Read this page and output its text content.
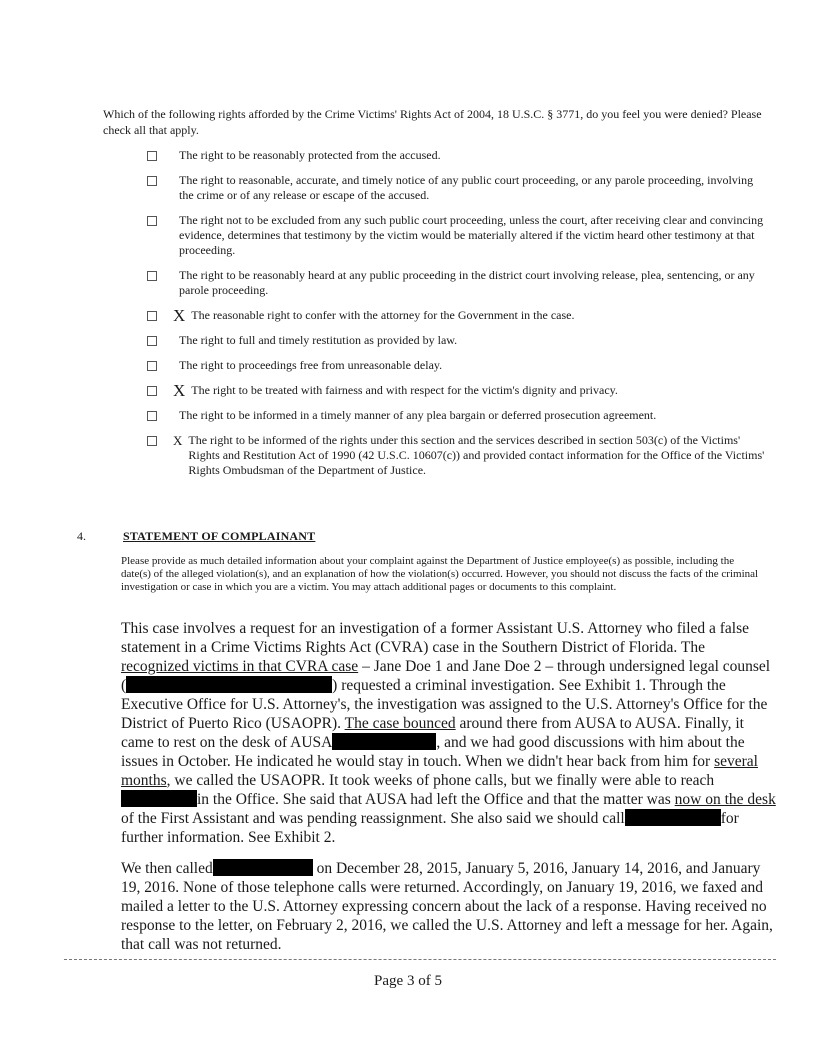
Which of the following rights afforded by the Crime Victims' Rights Act of 2004, 18 U.S.C. § 3771, do you feel you were denied? Please check all that apply.
The right to be reasonably protected from the accused.
The right to reasonable, accurate, and timely notice of any public court proceeding, or any parole proceeding, involving the crime or of any release or escape of the accused.
The right not to be excluded from any such public court proceeding, unless the court, after receiving clear and convincing evidence, determines that testimony by the victim would be materially altered if the victim heard other testimony at that proceeding.
The right to be reasonably heard at any public proceeding in the district court involving release, plea, sentencing, or any parole proceeding.
X The reasonable right to confer with the attorney for the Government in the case.
The right to full and timely restitution as provided by law.
The right to proceedings free from unreasonable delay.
X The right to be treated with fairness and with respect for the victim's dignity and privacy.
The right to be informed in a timely manner of any plea bargain or deferred prosecution agreement.
X The right to be informed of the rights under this section and the services described in section 503(c) of the Victims' Rights and Restitution Act of 1990 (42 U.S.C. 10607(c)) and provided contact information for the Office of the Victims' Rights Ombudsman of the Department of Justice.
4.	STATEMENT OF COMPLAINANT
Please provide as much detailed information about your complaint against the Department of Justice employee(s) as possible, including the date(s) of the alleged violation(s), and an explanation of how the violation(s) occurred. However, you should not discuss the facts of the criminal investigation or case in which you are a victim. You may attach additional pages or documents to this complaint.

This case involves a request for an investigation of a former Assistant U.S. Attorney who filed a false statement in a Crime Victims Rights Act (CVRA) case in the Southern District of Florida. The recognized victims in that CVRA case – Jane Doe 1 and Jane Doe 2 – through undersigned legal counsel (	) requested a criminal investigation. See Exhibit 1. Through the Executive Office for U.S. Attorney's, the investigation was assigned to the U.S. Attorney's Office for the District of Puerto Rico (USAOPR). The case bounced around there from AUSA to AUSA. Finally, it came to rest on the desk of AUSA	, and we had good discussions with him about the issues in October. He indicated he would stay in touch. When we didn't hear back from him for several months, we called the USAOPR. It took weeks of phone calls, but we finally were able to reachin the Office. She said that AUSA had left the Office and that the matter was now on the desk of the First Assistant and was pending reassignment. She also said we should call	for further information. See Exhibit 2.

We then called	on December 28, 2015, January 5, 2016, January 14, 2016, and January 19, 2016. None of those telephone calls were returned. Accordingly, on January 19, 2016, we faxed and mailed a letter to the U.S. Attorney expressing concern about the lack of a response. Having received no response to the letter, on February 2, 2016, we called the U.S. Attorney and left a message for her. Again, that call was not returned.

Page 3 of 5
